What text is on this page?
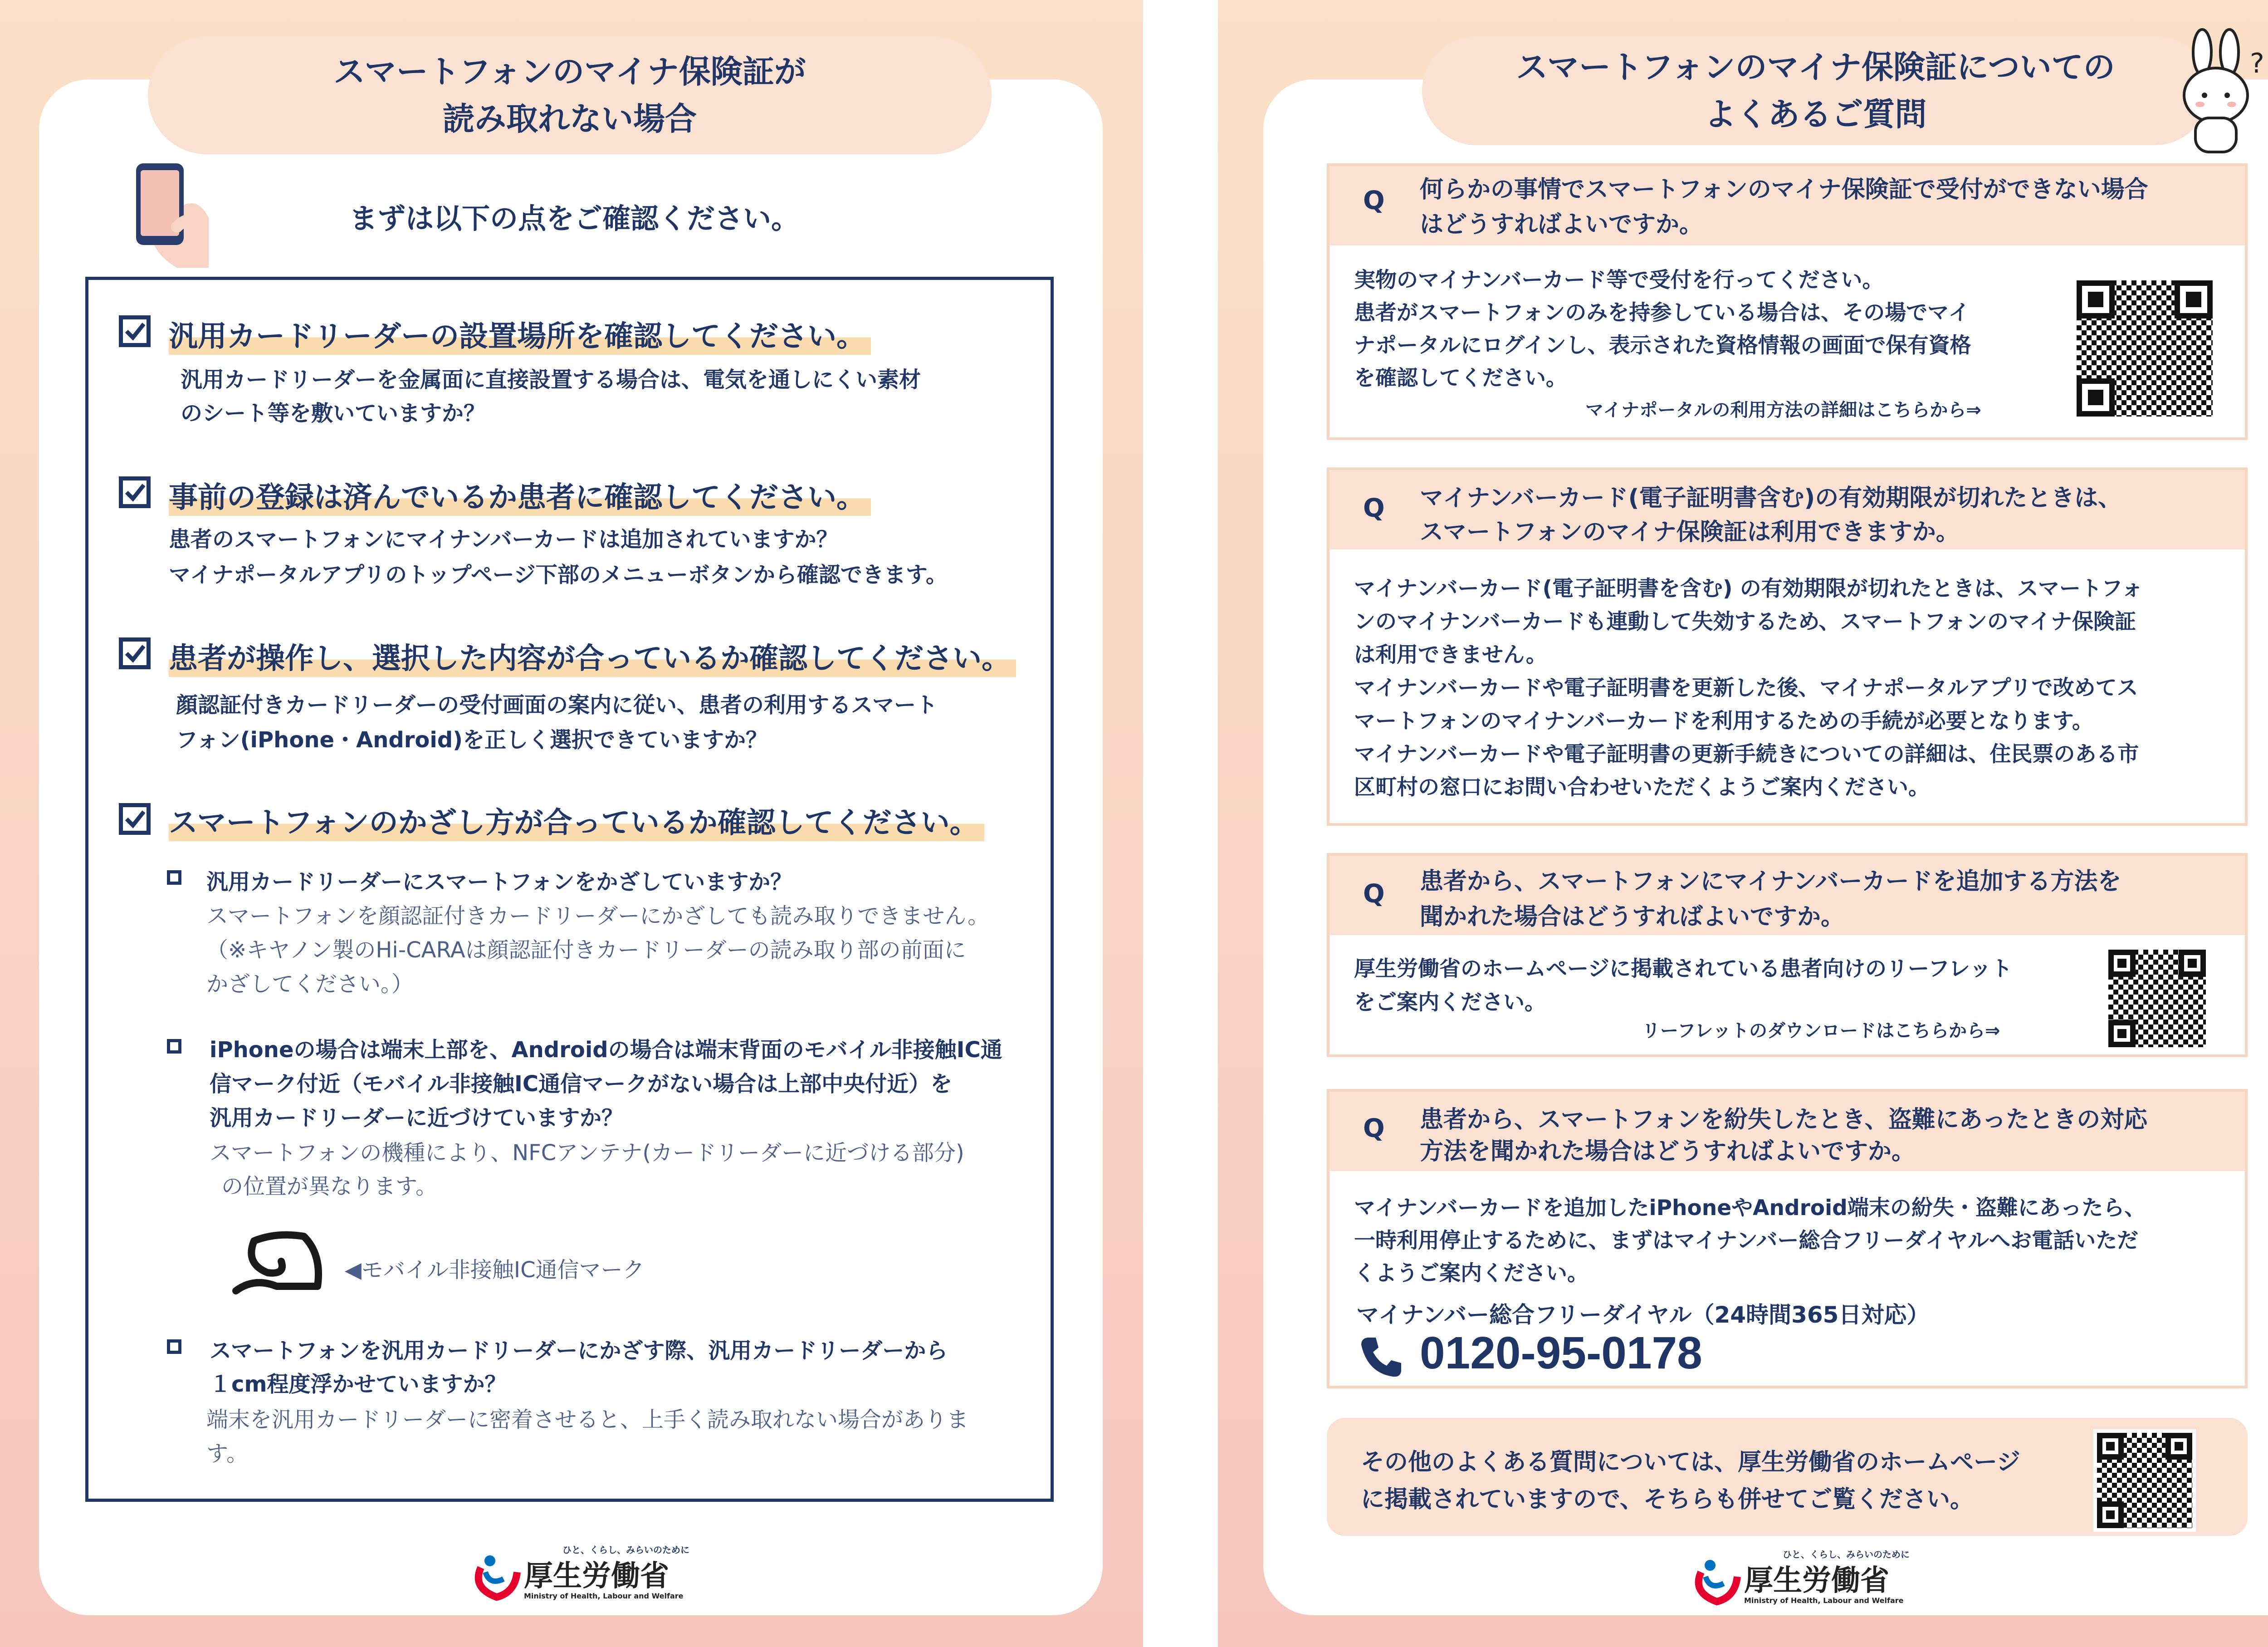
スマートフォンのマイナ保険証が
読み取れない場合
まずは以下の点をご確認ください。
汎用カードリーダーの設置場所を確認してください。
汎用カードリーダーを金属面に直接設置する場合は、電気を通しにくい素材
のシート等を敷いていますか？
事前の登録は済んでいるか患者に確認してください。
患者のスマートフォンにマイナンバーカードは追加されていますか？
マイナポータルアプリのトップページ下部のメニューボタンから確認できます。
患者が操作し、選択した内容が合っているか確認してください。
顔認証付きカードリーダーの受付画面の案内に従い、患者の利用するスマート
フォン(iPhone・Android)を正しく選択できていますか？
スマートフォンのかざし方が合っているか確認してください。
汎用カードリーダーにスマートフォンをかざしていますか？
スマートフォンを顔認証付きカードリーダーにかざしても読み取りできません。
（※キヤノン製のHi-CARAは顔認証付きカードリーダーの読み取り部の前面に
かざしてください。）
iPhoneの場合は端末上部を、Androidの場合は端末背面のモバイル非接触IC通
信マーク付近（モバイル非接触IC通信マークがない場合は上部中央付近）を
汎用カードリーダーに近づけていますか？
スマートフォンの機種により、NFCアンテナ(カードリーダーに近づける部分)
の位置が異なります。
◀モバイル非接触IC通信マーク
スマートフォンを汎用カードリーダーにかざす際、汎用カードリーダーから
１cm程度浮かせていますか？
端末を汎用カードリーダーに密着させると、上手く読み取れない場合がありま
す。
ひと、くらし、みらいのために
厚生労働省
Ministry of Health, Labour and Welfare
スマートフォンのマイナ保険証についての
よくあるご質問
?
Q 何らかの事情でスマートフォンのマイナ保険証で受付ができない場合
はどうすればよいですか。
実物のマイナンバーカード等で受付を行ってください。
患者がスマートフォンのみを持参している場合は、その場でマイ
ナポータルにログインし、表示された資格情報の画面で保有資格
を確認してください。
マイナポータルの利用方法の詳細はこちらから⇒
Q マイナンバーカード(電子証明書含む)の有効期限が切れたときは、
スマートフォンのマイナ保険証は利用できますか。
マイナンバーカード(電子証明書を含む) の有効期限が切れたときは、スマートフォ
ンのマイナンバーカードも連動して失効するため、スマートフォンのマイナ保険証
は利用できません。
マイナンバーカードや電子証明書を更新した後、マイナポータルアプリで改めてス
マートフォンのマイナンバーカードを利用するための手続が必要となります。
マイナンバーカードや電子証明書の更新手続きについての詳細は、住民票のある市
区町村の窓口にお問い合わせいただくようご案内ください。
Q 患者から、スマートフォンにマイナンバーカードを追加する方法を
聞かれた場合はどうすればよいですか。
厚生労働省のホームページに掲載されている患者向けのリーフレット
をご案内ください。
リーフレットのダウンロードはこちらから⇒
Q 患者から、スマートフォンを紛失したとき、盗難にあったときの対応
方法を聞かれた場合はどうすればよいですか。
マイナンバーカードを追加したiPhoneやAndroid端末の紛失・盗難にあったら、
一時利用停止するために、まずはマイナンバー総合フリーダイヤルへお電話いただ
くようご案内ください。
マイナンバー総合フリーダイヤル（24時間365日対応）
0120-95-0178
その他のよくある質問については、厚生労働省のホームページ
に掲載されていますので、そちらも併せてご覧ください。
ひと、くらし、みらいのために
厚生労働省
Ministry of Health, Labour and Welfare
